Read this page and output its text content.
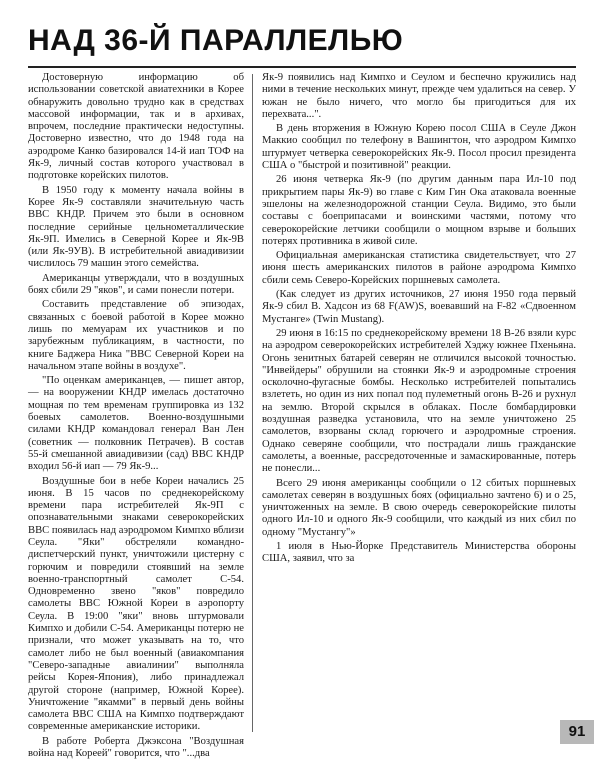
НАД 36-Й ПАРАЛЛЕЛЬЮ

Достоверную информацию об использовании советской авиатехники в Корее обнаружить довольно трудно как в средствах массовой информации, так и в архивах, впрочем, последние практически недоступны. Достоверно известно, что до 1948 года на аэродроме Канко базировался 14-й иап ТОФ на Як-9, личный состав которого участвовал в подготовке корейских пилотов.

В 1950 году к моменту начала войны в Корее Як-9 составляли значительную часть ВВС КНДР. Причем это были в основном последние серийные цельнометаллические Як-9П. Имелись в Северной Корее и Як-9В (или Як-9УВ). В истребительной авиадивизии числилось 79 машин этого семейства.

Американцы утверждали, что в воздушных боях сбили 29 "яков", и сами понесли потери.

Составить представление об эпизодах, связанных с боевой работой в Корее можно лишь по мемуарам их участников и по зарубежным публикациям, в частности, по книге Баджера Ника "ВВС Северной Кореи на начальном этапе войны в воздухе".

"По оценкам американцев, — пишет автор, — на вооружении КНДР имелась достаточно мощная по тем временам группировка из 132 боевых самолетов. Военно-воздушными силами КНДР командовал генерал Ван Лен (советник — полковник Петрачев). В состав 55-й смешанной авиадивизии (сад) ВВС КНДР входил 56-й иап — 79 Як-9...

Воздушные бои в небе Кореи начались 25 июня. В 15 часов по среднекорейскому времени пара истребителей Як-9П с опознавательными знаками северокорейских ВВС появилась над аэродромом Кимпхо вблизи Сеула. "Яки" обстреляли командно-диспетчерский пункт, уничтожили цистерну с горючим и повредили стоявший на земле военно-транспортный самолет С-54. Одновременно звено "яков" повредило самолеты ВВС Южной Кореи в аэропорту Сеула. В 19:00 "яки" вновь штурмовали Кимпхо и добили С-54. Американцы потерю не признали, что может указывать на то, что самолет либо не был военный (авиакомпания "Северо-западные авиалинии" выполняла рейсы Корея-Япония), либо принадлежал другой стороне (например, Южной Корее). Уничтожение "якамми" в первый день войны самолета ВВС США на Кимпхо подтверждают современные американские историки.

В работе Роберта Джэксона "Воздушная война над Кореей" говорится, что "...два

Як-9 появились над Кимпхо и Сеулом и беспечно кружились над ними в течение нескольких минут, прежде чем удалиться на север. У южан не было ничего, что могло бы пригодиться для их перехвата...".

В день вторжения в Южную Корею посол США в Сеуле Джон Маккио сообщил по телефону в Вашингтон, что аэродром Кимпхо штурмует четверка северокорейских Як-9. Посол просил президента США о "быстрой и позитивной" реакции.

26 июня четверка Як-9 (по другим данным пара Ил-10 под прикрытием пары Як-9) во главе с Ким Гин Ока атаковала военные эшелоны на железнодорожной станции Сеула. Видимо, это были составы с боеприпасами и воинскими частями, потому что северокорейские летчики сообщили о мощном взрыве и больших потерях противника в живой силе.

Официальная американская статистика свидетельствует, что 27 июня шесть американских пилотов в районе аэродрома Кимпхо сбили семь Северо-Корейских поршневых самолета.

(Как следует из других источников, 27 июня 1950 года первый Як-9 сбил В. Хадсон из 68 F(AW)S, воевавший на F-82 «Сдвоенном Мустанге» (Twin Mustang).

29 июня в 16:15 по среднекорейскому времени 18 В-26 взяли курс на аэродром северокорейских истребителей Хэджу южнее Пхеньяна. Огонь зенитных батарей северян не отличился высокой точностью. "Инвейдеры" обрушили на стоянки Як-9 и аэродромные строения осколочно-фугасные бомбы. Несколько истребителей попытались взлететь, но один из них попал под пулеметный огонь В-26 и рухнул на землю. Второй скрылся в облаках. После бомбардировки воздушная разведка установила, что на земле уничтожено 25 самолетов, взорваны склад горючего и аэродромные строения. Однако северяне сообщили, что пострадали лишь гражданские самолеты, а военные, рассредоточенные и замаскированные, потерь не понесли...

Всего 29 июня американцы сообщили о 12 сбитых поршневых самолетах северян в воздушных боях (официально зачтено 6) и о 25, уничтоженных на земле. В свою очередь северокорейские пилоты одного Ил-10 и одного Як-9 сообщили, что каждый из них сбил по одному "Мустангу"»

1 июля в Нью-Йорке Представитель Министерства обороны США, заявил, что за

91
